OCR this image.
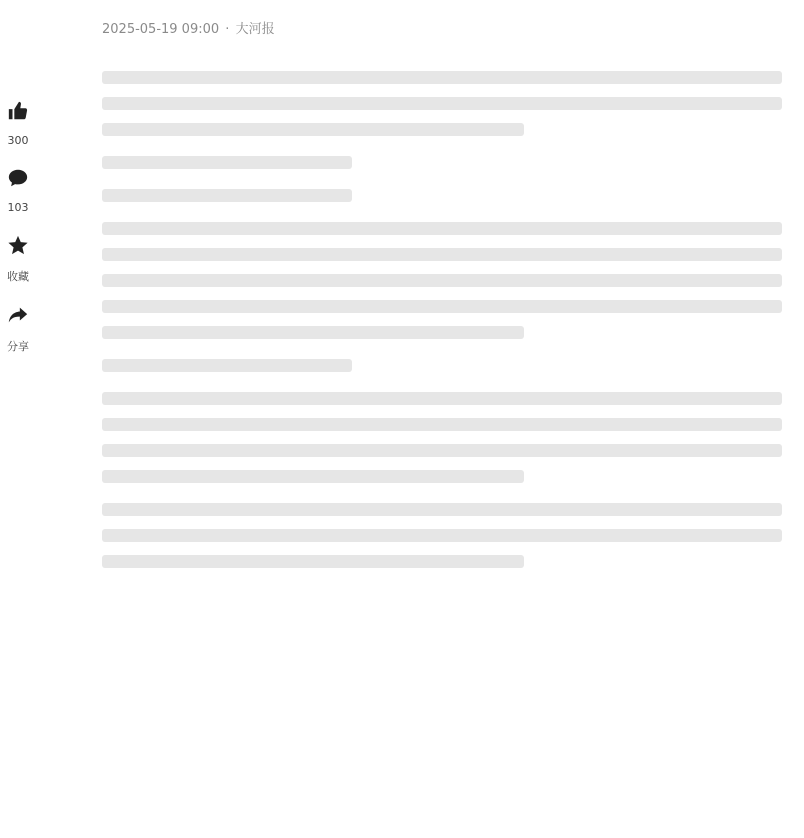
300
103
收藏
分享
2025-05-19 09:00 · 大河报
